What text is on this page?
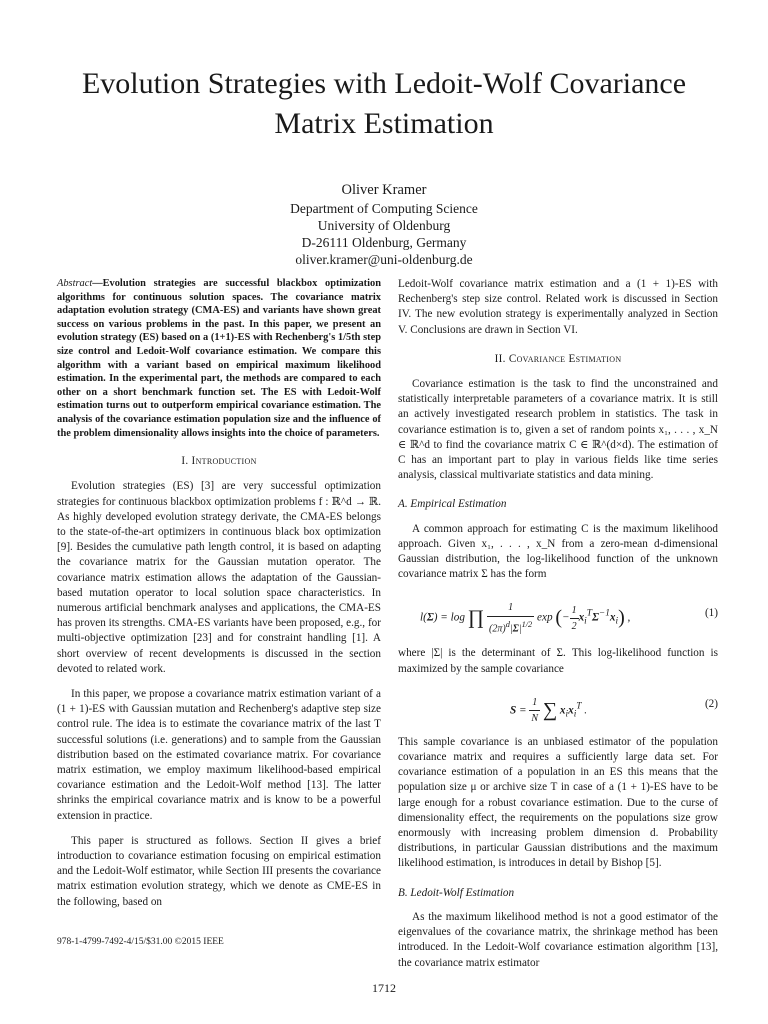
Evolution Strategies with Ledoit-Wolf Covariance Matrix Estimation
Oliver Kramer
Department of Computing Science
University of Oldenburg
D-26111 Oldenburg, Germany
oliver.kramer@uni-oldenburg.de
Abstract—Evolution strategies are successful blackbox optimization algorithms for continuous solution spaces. The covariance matrix adaptation evolution strategy (CMA-ES) and variants have shown great success on various problems in the past. In this paper, we present an evolution strategy (ES) based on a (1+1)-ES with Rechenberg's 1/5th step size control and Ledoit-Wolf covariance estimation. We compare this algorithm with a variant based on empirical maximum likelihood estimation. In the experimental part, the methods are compared to each other on a short benchmark function set. The ES with Ledoit-Wolf estimation turns out to outperform empirical covariance estimation. The analysis of the covariance estimation population size and the influence of the problem dimensionality allows insights into the choice of parameters.
I. Introduction

Evolution strategies (ES) [3] are very successful optimization strategies for continuous blackbox optimization problems f : ℝ^d → ℝ. As highly developed evolution strategy derivate, the CMA-ES belongs to the state-of-the-art optimizers in continuous black box optimization [9]. Besides the cumulative path length control, it is based on adapting the covariance matrix for the Gaussian mutation operator. The covariance matrix estimation allows the adaptation of the Gaussian-based mutation operator to local solution space characteristics. In numerous artificial benchmark analyses and applications, the CMA-ES has proven its strengths. CMA-ES variants have been proposed, e.g., for multi-objective optimization [23] and for constraint handling [1]. A short overview of recent developments is discussed in the section devoted to related work.

In this paper, we propose a covariance matrix estimation variant of a (1 + 1)-ES with Gaussian mutation and Rechenberg's adaptive step size control rule. The idea is to estimate the covariance matrix of the last T successful solutions (i.e. generations) and to sample from the Gaussian distribution based on the estimated covariance matrix. For covariance matrix estimation, we employ maximum likelihood-based empirical covariance estimation and the Ledoit-Wolf method [13]. The latter shrinks the empirical covariance matrix and is know to be a powerful extension in practice.

This paper is structured as follows. Section II gives a brief introduction to covariance estimation focusing on empirical estimation and the Ledoit-Wolf estimator, while Section III presents the covariance matrix estimation evolution strategy, which we denote as CME-ES in the following, based on

Ledoit-Wolf covariance matrix estimation and a (1 + 1)-ES with Rechenberg's step size control. Related work is discussed in Section IV. The new evolution strategy is experimentally analyzed in Section V. Conclusions are drawn in Section VI.

II. Covariance Estimation

Covariance estimation is the task to find the unconstrained and statistically interpretable parameters of a covariance matrix. It is still an actively investigated research problem in statistics. The task in covariance estimation is to, given a set of random points x₁, . . . , x_N ∈ ℝ^d to find the covariance matrix C ∈ ℝ^(d×d). The estimation of C has an important part to play in various fields like time series analysis, classical multivariate statistics and data mining.

A. Empirical Estimation

A common approach for estimating C is the maximum likelihood approach. Given x₁, . . . , x_N from a zero-mean d-dimensional Gaussian distribution, the log-likelihood function of the unknown covariance matrix Σ has the form

l(Σ) = log ∏ $\frac{1}{(2\pi)^d|\Sigma|^{1/2}}$ exp (− $\frac{1}{2} x_i^T\Sigma^{-1}x_i$) ,	(1)

where |Σ| is the determinant of Σ. This log-likelihood function is maximized by the sample covariance

$S = \frac{1}{N}$ ∑ $x_ix_i^T$ .
(2)

This sample covariance is an unbiased estimator of the population covariance matrix and requires a sufficiently large data set. For covariance estimation of a population in an ES this means that the population size μ or archive size T in case of a (1 + 1)-ES have to be large enough for a robust covariance estimation. Due to the curse of dimensionality effect, the requirements on the populations size grow enormously with increasing problem dimension d. Probability distributions, in particular Gaussian distributions and the maximum likelihood estimation, is introduces in detail by Bishop [5].

B. Ledoit-Wolf Estimation

As the maximum likelihood method is not a good estimator of the eigenvalues of the covariance matrix, the shrinkage method has been introduced. In the Ledoit-Wolf covariance estimation algorithm [13], the covariance matrix estimator

978-1-4799-7492-4/15/$31.00 ©2015 IEEE
1712
